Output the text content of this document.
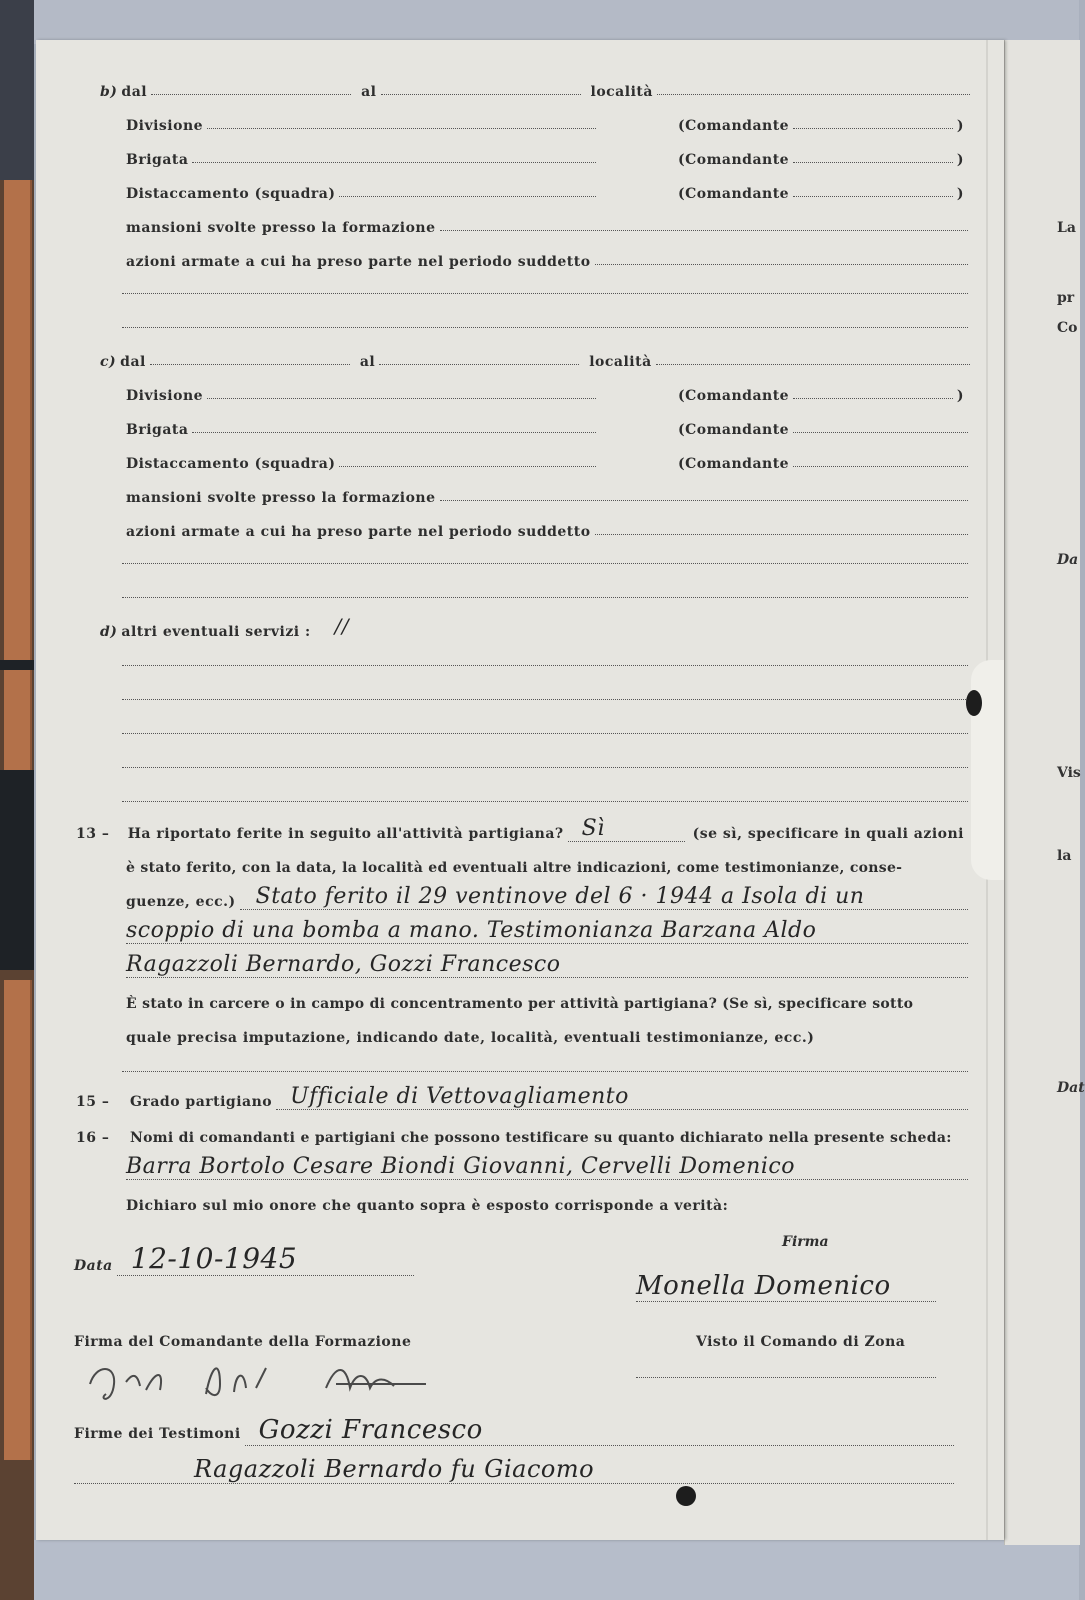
La
pr
Co
Da
Vis
la
Dat
b) dal	al	località
Divisione	(Comandante	)
Brigata	(Comandante	)
Distaccamento (squadra)	(Comandante	)
mansioni svolte presso la formazione
azioni armate a cui ha preso parte nel periodo suddetto
c) dal	al	località
Divisione	(Comandante	)
Brigata	(Comandante
Distaccamento (squadra)	(Comandante
mansioni svolte presso la formazione
azioni armate a cui ha preso parte nel periodo suddetto
d) altri eventuali servizi : //
13 –	Ha riportato ferite in seguito all'attività partigiana? Sì	(se sì, specificare in quali azioni
è stato ferito, con la data, la località ed eventuali altre indicazioni, come testimonianze, conse-
guenze, ecc.) Stato ferito il 29 ventinove del 6 · 1944 a Isola di un
scoppio di una bomba a mano. Testimonianza Barzana Aldo
Ragazzoli Bernardo, Gozzi Francesco
È stato in carcere o in campo di concentramento per attività partigiana? (Se sì, specificare sotto
quale precisa imputazione, indicando date, località, eventuali testimonianze, ecc.)
15 –	Grado partigiano Ufficiale di Vettovagliamento
16 –	Nomi di comandanti e partigiani che possono testificare su quanto dichiarato nella presente scheda:
Barra Bortolo Cesare Biondi Giovanni, Cervelli Domenico
Dichiaro sul mio onore che quanto sopra è esposto corrisponde a verità:
Firma
Data 12-10-1945
Monella Domenico
Firma del Comandante della Formazione	Visto il Comando di Zona
Firme dei Testimoni Gozzi Francesco
Ragazzoli Bernardo fu Giacomo
